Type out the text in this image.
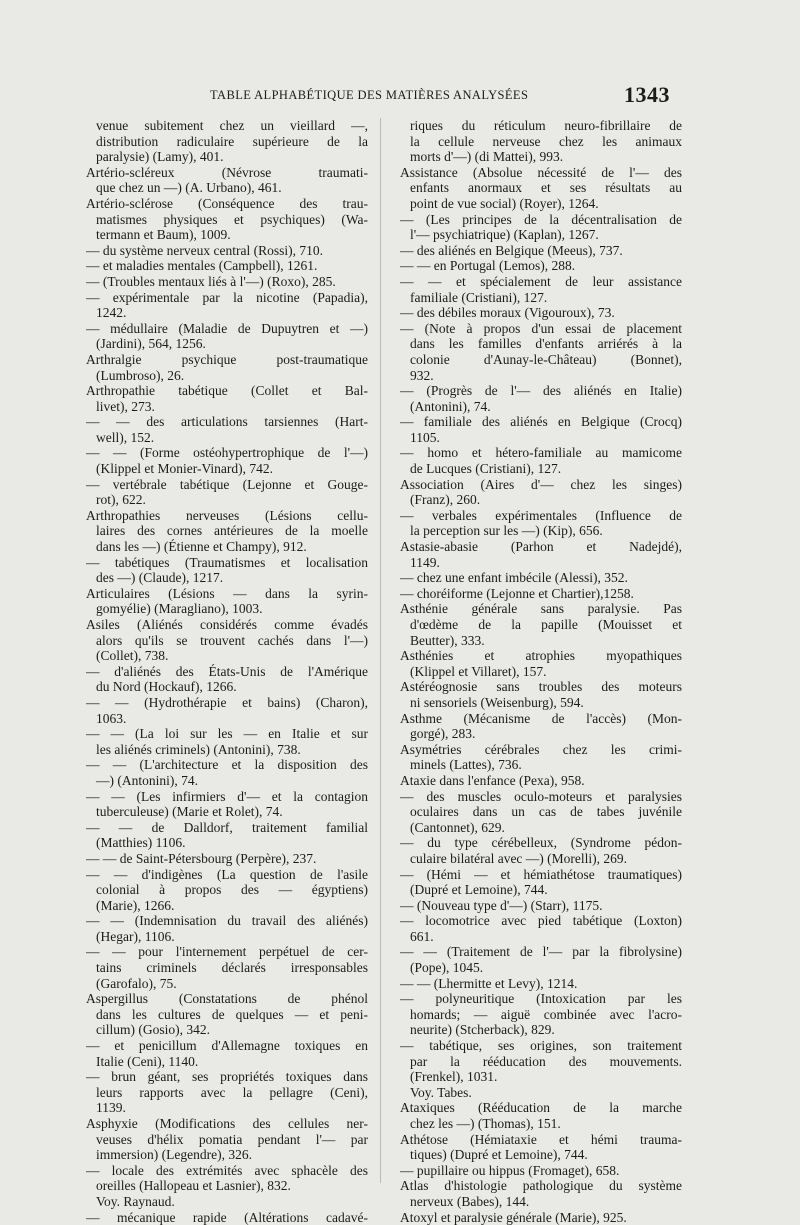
TABLE ALPHABÉTIQUE DES MATIÈRES ANALYSÉES	1343
venue subitement chez un vieillard —,
distribution radiculaire supérieure de la
paralysie) (Lamy), 401.
Artério-scléreux (Névrose traumati-
que chez un —) (A. Urbano), 461.
Artério-sclérose (Conséquence des trau-
matismes physiques et psychiques) (Wa-
termann et Baum), 1009.
— du système nerveux central (Rossi), 710.
— et maladies mentales (Campbell), 1261.
— (Troubles mentaux liés à l'—) (Roxo), 285.
— expérimentale par la nicotine (Papadia),
1242.
— médullaire (Maladie de Dupuytren et —)
(Jardini), 564, 1256.
Arthralgie psychique post-traumatique
(Lumbroso), 26.
Arthropathie tabétique (Collet et Bal-
livet), 273.
— — des articulations tarsiennes (Hart-
well), 152.
— — (Forme ostéohypertrophique de l'—)
(Klippel et Monier-Vinard), 742.
— vertébrale tabétique (Lejonne et Gouge-
rot), 622.
Arthropathies nerveuses (Lésions cellu-
laires des cornes antérieures de la moelle
dans les —) (Étienne et Champy), 912.
— tabétiques (Traumatismes et localisation
des —) (Claude), 1217.
Articulaires (Lésions — dans la syrin-
gomyélie) (Maragliano), 1003.
Asiles (Aliénés considérés comme évadés
alors qu'ils se trouvent cachés dans l'—)
(Collet), 738.
— d'aliénés des États-Unis de l'Amérique
du Nord (Hockauf), 1266.
— — (Hydrothérapie et bains) (Charon),
1063.
— — (La loi sur les — en Italie et sur
les aliénés criminels) (Antonini), 738.
— — (L'architecture et la disposition des
—) (Antonini), 74.
— — (Les infirmiers d'— et la contagion
tuberculeuse) (Marie et Rolet), 74.
— — de Dalldorf, traitement familial
(Matthies) 1106.
— — de Saint-Pétersbourg (Perpère), 237.
— — d'indigènes (La question de l'asile
colonial à propos des — égyptiens)
(Marie), 1266.
— — (Indemnisation du travail des aliénés)
(Hegar), 1106.
— — pour l'internement perpétuel de cer-
tains criminels déclarés irresponsables
(Garofalo), 75.
Aspergillus (Constatations de phénol
dans les cultures de quelques — et peni-
cillum) (Gosio), 342.
— et penicillum d'Allemagne toxiques en
Italie (Ceni), 1140.
— brun géant, ses propriétés toxiques dans
leurs rapports avec la pellagre (Ceni),
1139.
Asphyxie (Modifications des cellules ner-
veuses d'hélix pomatia pendant l'— par
immersion) (Legendre), 326.
— locale des extrémités avec sphacèle des
oreilles (Hallopeau et Lasnier), 832.
Voy. Raynaud.
— mécanique rapide (Altérations cadavé-
riques du réticulum neuro-fibrillaire de
la cellule nerveuse chez les animaux
morts d'—) (di Mattei), 993.
Assistance (Absolue nécessité de l'— des
enfants anormaux et ses résultats au
point de vue social) (Royer), 1264.
— (Les principes de la décentralisation de
l'— psychiatrique) (Kaplan), 1267.
— des aliénés en Belgique (Meeus), 737.
— — en Portugal (Lemos), 288.
— — et spécialement de leur assistance
familiale (Cristiani), 127.
— des débiles moraux (Vigouroux), 73.
— (Note à propos d'un essai de placement
dans les familles d'enfants arriérés à la
colonie d'Aunay-le-Château) (Bonnet),
932.
— (Progrès de l'— des aliénés en Italie)
(Antonini), 74.
— familiale des aliénés en Belgique (Crocq)
1105.
— homo et hétero-familiale au mamicome
de Lucques (Cristiani), 127.
Association (Aires d'— chez les singes)
(Franz), 260.
— verbales expérimentales (Influence de
la perception sur les —) (Kip), 656.
Astasie-abasie (Parhon et Nadejdé),
1149.
— chez une enfant imbécile (Alessi), 352.
— choréiforme (Lejonne et Chartier),1258.
Asthénie générale sans paralysie. Pas
d'œdème de la papille (Mouisset et
Beutter), 333.
Asthénies et atrophies myopathiques
(Klippel et Villaret), 157.
Astéréognosie sans troubles des moteurs
ni sensoriels (Weisenburg), 594.
Asthme (Mécanisme de l'accès) (Mon-
gorgé), 283.
Asymétries cérébrales chez les crimi-
minels (Lattes), 736.
Ataxie dans l'enfance (Pexa), 958.
— des muscles oculo-moteurs et paralysies
oculaires dans un cas de tabes juvénile
(Cantonnet), 629.
— du type cérébelleux, (Syndrome pédon-
culaire bilatéral avec —) (Morelli), 269.
— (Hémi — et hémiathétose traumatiques)
(Dupré et Lemoine), 744.
— (Nouveau type d'—) (Starr), 1175.
— locomotrice avec pied tabétique (Loxton)
661.
— — (Traitement de l'— par la fibrolysine)
(Pope), 1045.
— — (Lhermitte et Levy), 1214.
— polyneuritique (Intoxication par les
homards; — aiguë combinée avec l'acro-
neurite) (Stcherback), 829.
— tabétique, ses origines, son traitement
par la rééducation des mouvements.
(Frenkel), 1031.
Voy. Tabes.
Ataxiques (Rééducation de la marche
chez les —) (Thomas), 151.
Athétose (Hémiataxie et hémi trauma-
tiques) (Dupré et Lemoine), 744.
— pupillaire ou hippus (Fromaget), 658.
Atlas d'histologie pathologique du système
nerveux (Babes), 144.
Atoxyl et paralysie générale (Marie), 925.
